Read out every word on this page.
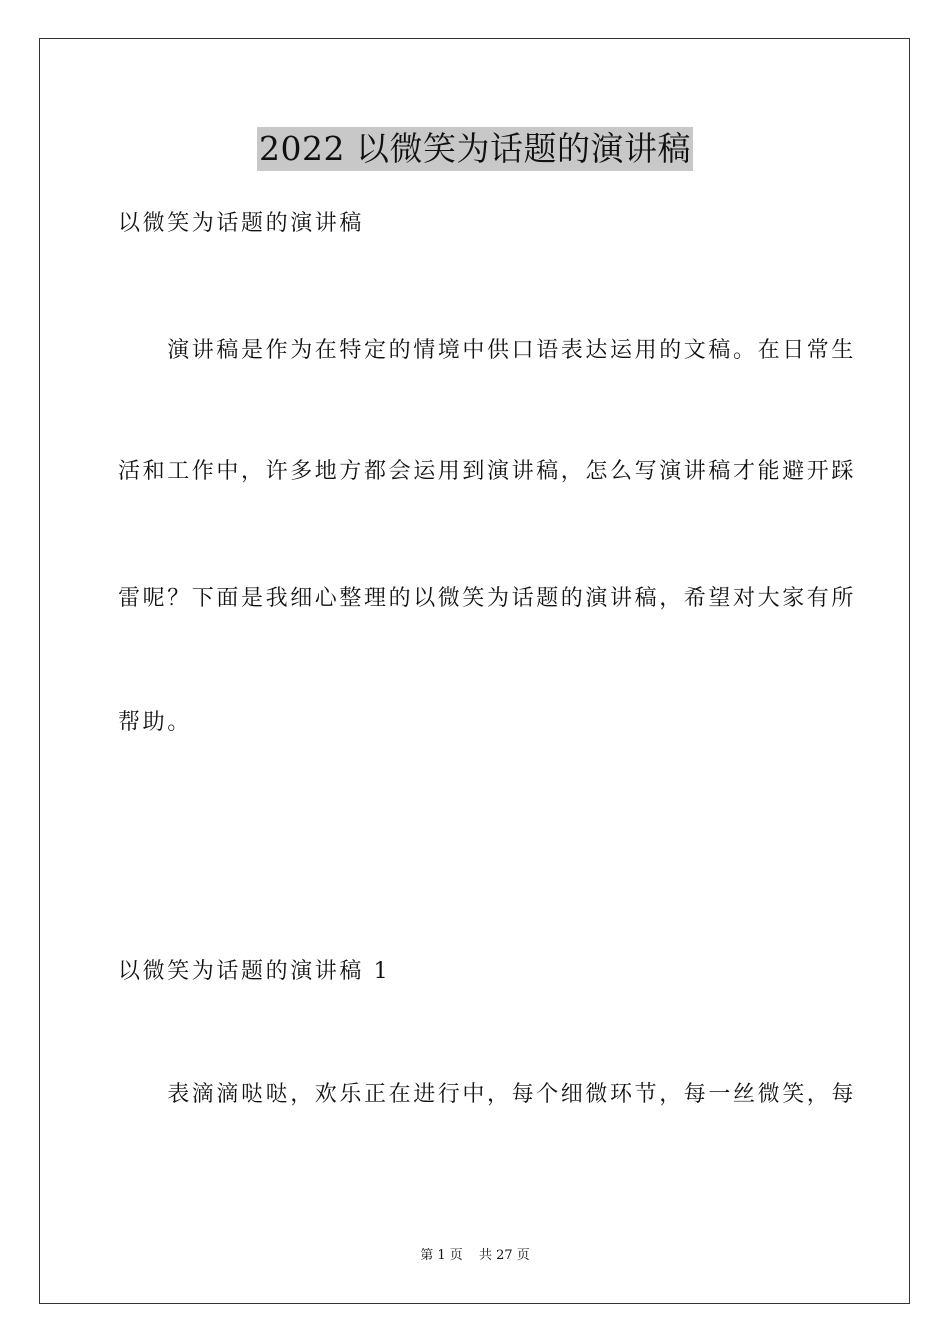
2022 以微笑为话题的演讲稿
以微笑为话题的演讲稿
　　演讲稿是作为在特定的情境中供口语表达运用的文稿。在日常生
活和工作中，许多地方都会运用到演讲稿，怎么写演讲稿才能避开踩
雷呢？下面是我细心整理的以微笑为话题的演讲稿，希望对大家有所
帮助。
以微笑为话题的演讲稿 1
　　表滴滴哒哒，欢乐正在进行中，每个细微环节，每一丝微笑，每
第 1 页 共 27 页
